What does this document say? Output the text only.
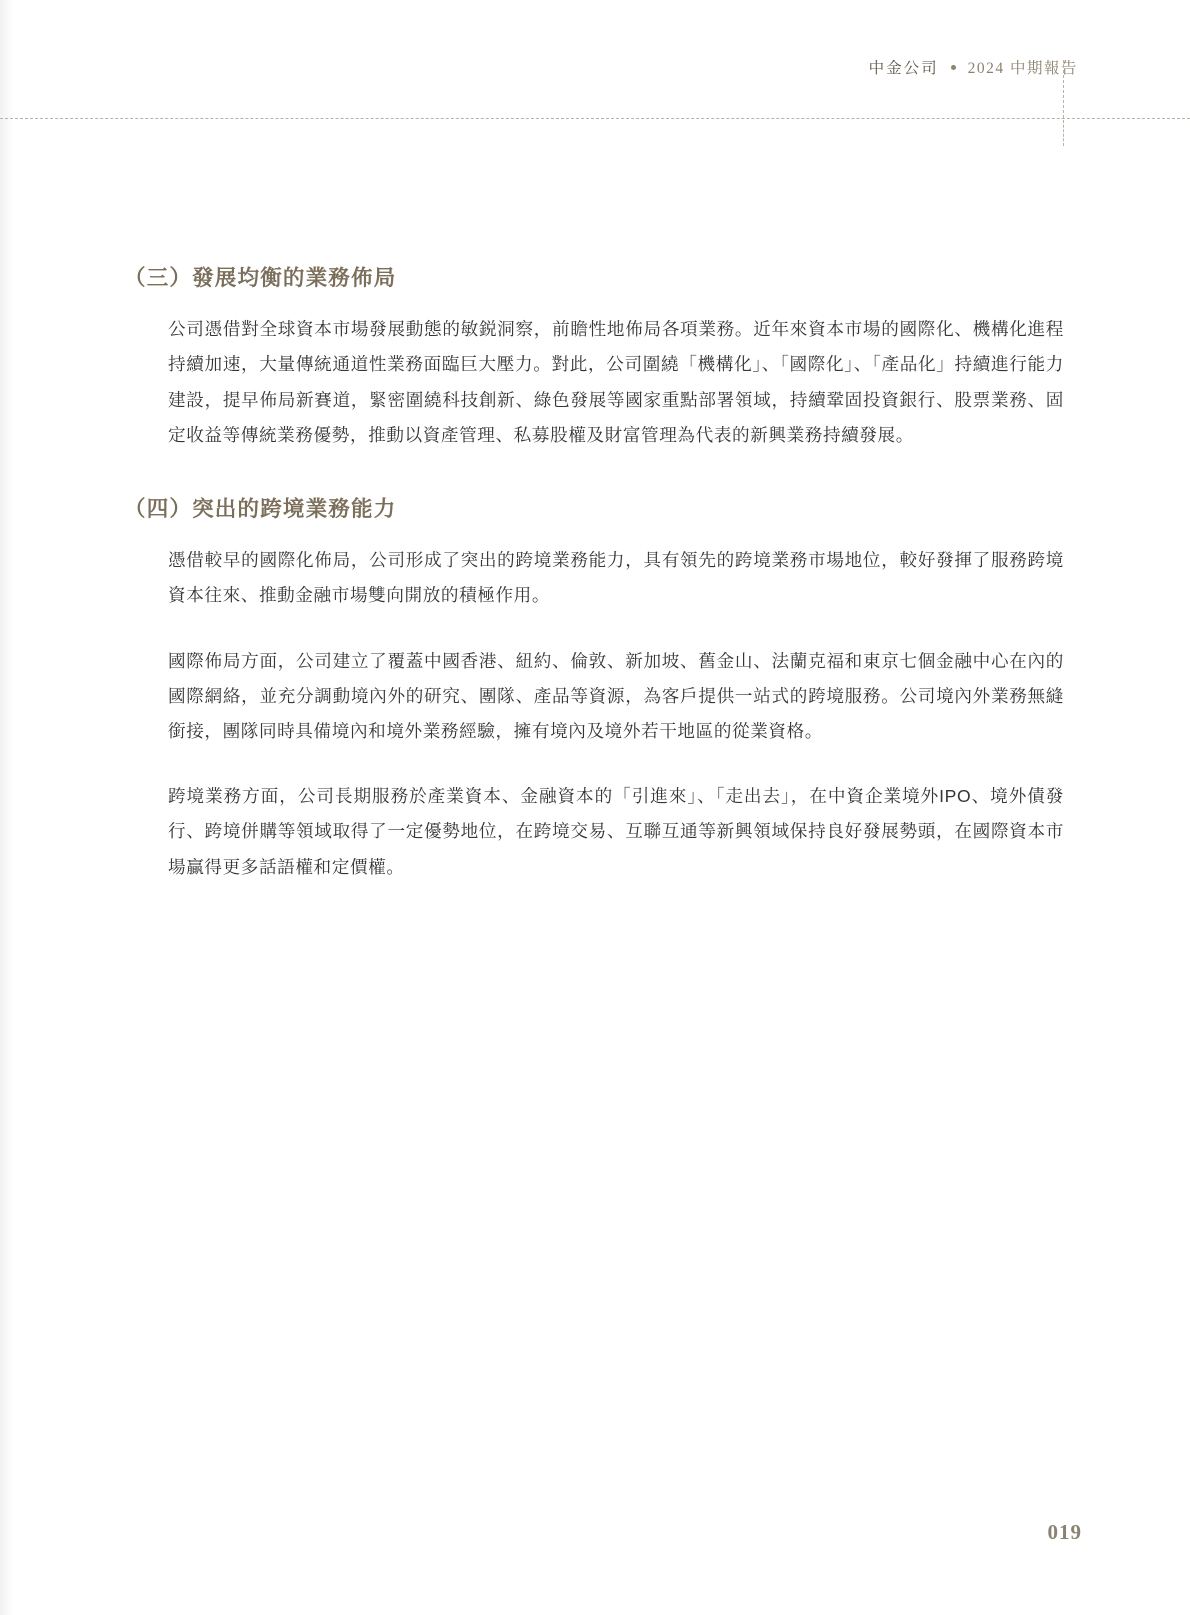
中金公司 2024 中期報告
（三）發展均衡的業務佈局

公司憑借對全球資本市場發展動態的敏鋭洞察，前瞻性地佈局各項業務。近年來資本市場的國際化、機構化進程持續加速，大量傳統通道性業務面臨巨大壓力。對此，公司圍繞「機構化」、「國際化」、「產品化」持續進行能力建設，提早佈局新賽道，緊密圍繞科技創新、綠色發展等國家重點部署領域，持續鞏固投資銀行、股票業務、固定收益等傳統業務優勢，推動以資產管理、私募股權及財富管理為代表的新興業務持續發展。

（四）突出的跨境業務能力

憑借較早的國際化佈局，公司形成了突出的跨境業務能力，具有領先的跨境業務市場地位，較好發揮了服務跨境資本往來、推動金融市場雙向開放的積極作用。

國際佈局方面，公司建立了覆蓋中國香港、紐約、倫敦、新加坡、舊金山、法蘭克福和東京七個金融中心在內的國際網絡，並充分調動境內外的研究、團隊、產品等資源，為客戶提供一站式的跨境服務。公司境內外業務無縫銜接，團隊同時具備境內和境外業務經驗，擁有境內及境外若干地區的從業資格。

跨境業務方面，公司長期服務於產業資本、金融資本的「引進來」、「走出去」，在中資企業境外IPO、境外債發行、跨境併購等領域取得了一定優勢地位，在跨境交易、互聯互通等新興領域保持良好發展勢頭，在國際資本市場贏得更多話語權和定價權。

019
